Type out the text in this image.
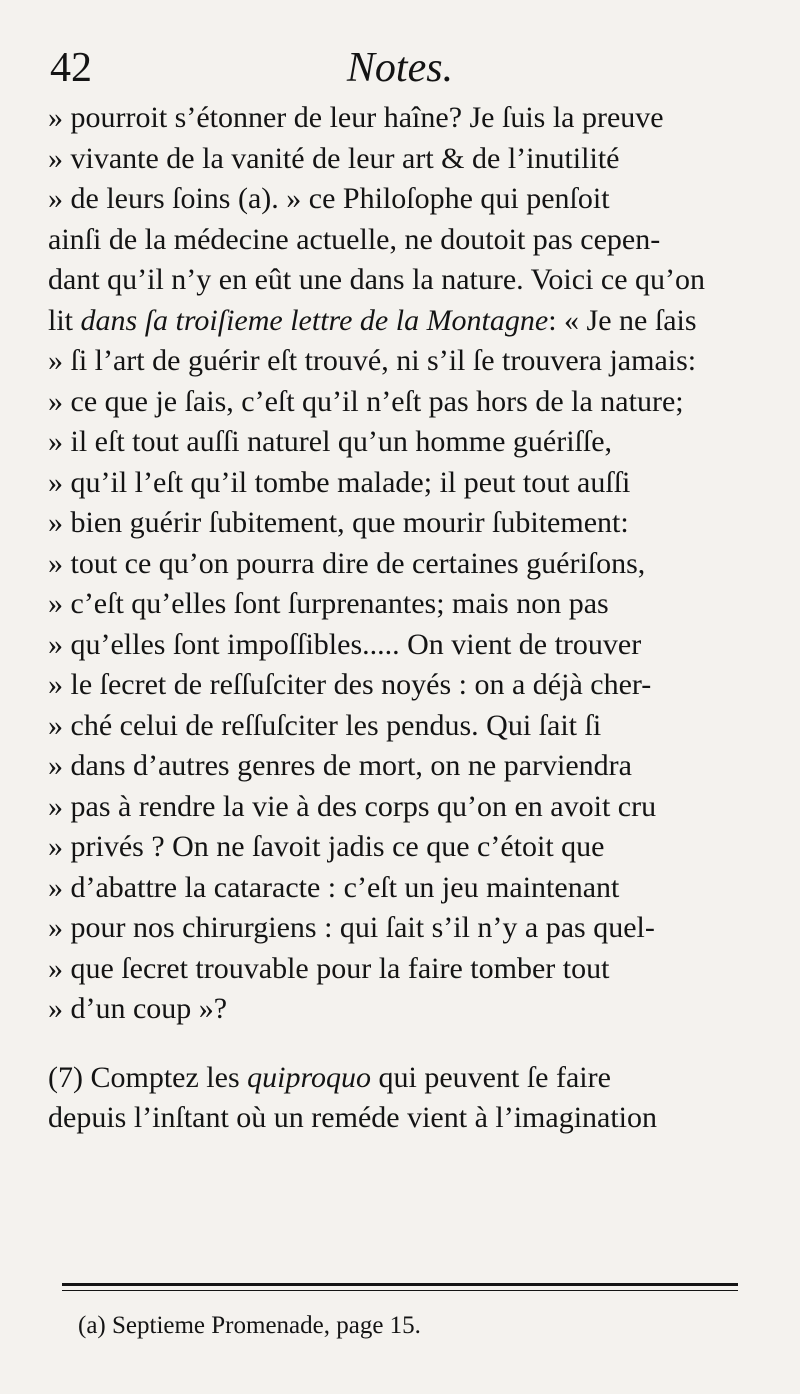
42	Notes.
» pourroit s’étonner de leur haîne? Je ſuis la preuve
» vivante de la vanité de leur art & de l’inutilité
» de leurs ſoins (a). » ce Philoſophe qui penſoit
ainſi de la médecine actuelle, ne doutoit pas cepen-
dant qu’il n’y en eût une dans la nature. Voici ce qu’on
lit dans ſa troiſieme lettre de la Montagne: « Je ne ſais
» ſi l’art de guérir eſt trouvé, ni s’il ſe trouvera jamais:
» ce que je ſais, c’eſt qu’il n’eſt pas hors de la nature;
» il eſt tout auſſi naturel qu’un homme guériſſe,
» qu’il l’eſt qu’il tombe malade; il peut tout auſſi
» bien guérir ſubitement, que mourir ſubitement:
» tout ce qu’on pourra dire de certaines guériſons,
» c’eſt qu’elles ſont ſurprenantes; mais non pas
» qu’elles ſont impoſſibles..... On vient de trouver
» le ſecret de reſſuſciter des noyés : on a déjà cher-
» ché celui de reſſuſciter les pendus. Qui ſait ſi
» dans d’autres genres de mort, on ne parviendra
» pas à rendre la vie à des corps qu’on en avoit cru
» privés ? On ne ſavoit jadis ce que c’étoit que
» d’abattre la cataracte : c’eſt un jeu maintenant
» pour nos chirurgiens : qui ſait s’il n’y a pas quel-
» que ſecret trouvable pour la faire tomber tout
» d’un coup »?
(7) Comptez les quiproquo qui peuvent ſe faire
depuis l’inſtant où un reméde vient à l’imagination
(a) Septieme Promenade, page 15.
